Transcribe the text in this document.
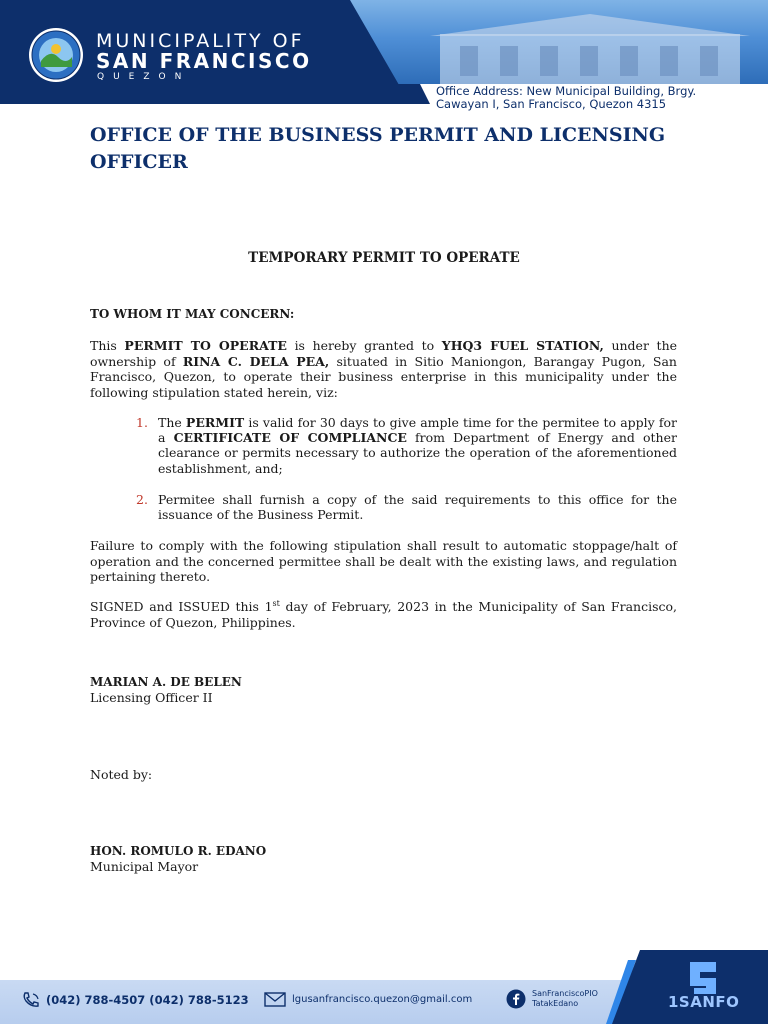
MUNICIPALITY OF
SAN FRANCISCO
QUEZON
Office Address: New Municipal Building, Brgy.
Cawayan I, San Francisco, Quezon 4315
OFFICE OF THE BUSINESS PERMIT AND LICENSING OFFICER
TEMPORARY PERMIT TO OPERATE
TO WHOM IT MAY CONCERN:

This PERMIT TO OPERATE is hereby granted to YHQ3 FUEL STATION, under the ownership of RINA C. DELA PEA, situated in Sitio Maniongon, Barangay Pugon, San Francisco, Quezon, to operate their business enterprise in this municipality under the following stipulation stated herein, viz:

1. The PERMIT is valid for 30 days to give ample time for the permitee to apply for a CERTIFICATE OF COMPLIANCE from Department of Energy and other clearance or permits necessary to authorize the operation of the aforementioned establishment, and;
2. Permitee shall furnish a copy of the said requirements to this office for the issuance of the Business Permit.

Failure to comply with the following stipulation shall result to automatic stoppage/halt of operation and the concerned permittee shall be dealt with the existing laws, and regulation pertaining thereto.

SIGNED and ISSUED this 1st day of February, 2023 in the Municipality of San Francisco, Province of Quezon, Philippines.

MARIAN A. DE BELEN
Licensing Officer II
Noted by:
HON. ROMULO R. EDANO
Municipal Mayor
(042) 788-4507 (042) 788-5123	lgusanfrancisco.quezon@gmail.com
SanFranciscoPIO
TatakEdano	1SANFO
